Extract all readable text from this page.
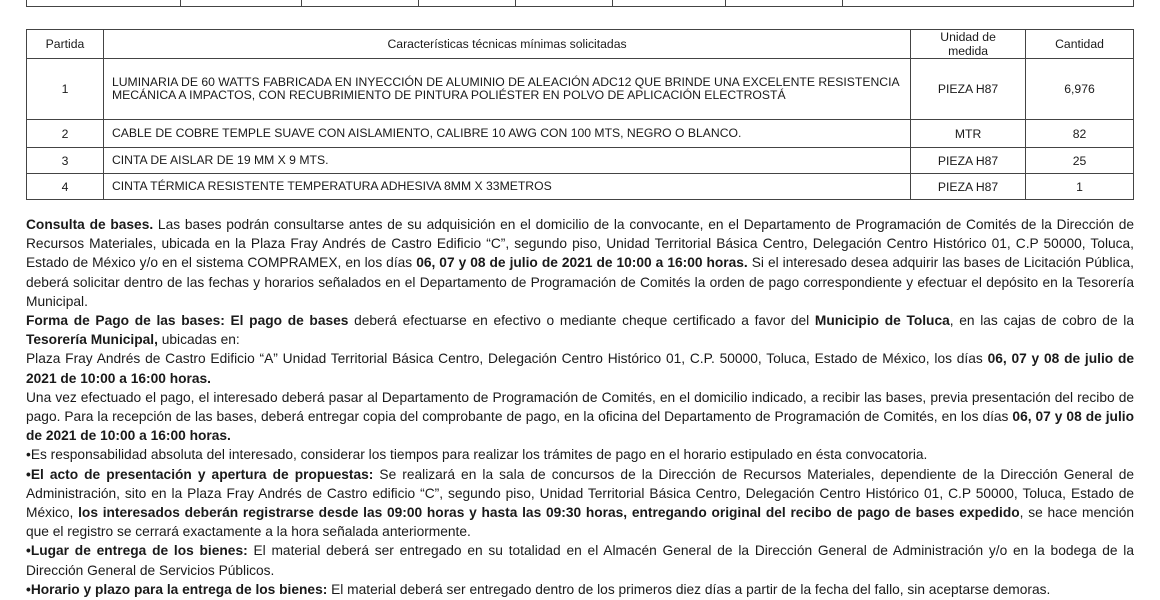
Partida	Características técnicas mínimas solicitadas	Unidad de medida	Cantidad
1	LUMINARIA DE 60 WATTS FABRICADA EN INYECCIÓN DE ALUMINIO DE ALEACIÓN ADC12 QUE BRINDE UNA EXCELENTE RESISTENCIA MECÁNICA A IMPACTOS, CON RECUBRIMIENTO DE PINTURA POLIÉSTER EN POLVO DE APLICACIÓN ELECTROSTÁ	PIEZA H87	6,976
2	CABLE DE COBRE TEMPLE SUAVE CON AISLAMIENTO, CALIBRE 10 AWG CON 100 MTS, NEGRO O BLANCO.	MTR	82
3	CINTA DE AISLAR DE 19 MM X 9 MTS.	PIEZA H87	25
4	CINTA TÉRMICA RESISTENTE TEMPERATURA ADHESIVA 8MM X 33METROS	PIEZA H87	1

Consulta de bases. Las bases podrán consultarse antes de su adquisición en el domicilio de la convocante, en el Departamento de Programación de Comités de la Dirección de Recursos Materiales, ubicada en la Plaza Fray Andrés de Castro Edificio “C”, segundo piso, Unidad Territorial Básica Centro, Delegación Centro Histórico 01, C.P 50000, Toluca, Estado de México y/o en el sistema COMPRAMEX, en los días 06, 07 y 08 de julio de 2021 de 10:00 a 16:00 horas. Si el interesado desea adquirir las bases de Licitación Pública, deberá solicitar dentro de las fechas y horarios señalados en el Departamento de Programación de Comités la orden de pago correspondiente y efectuar el depósito en la Tesorería Municipal.

Forma de Pago de las bases: El pago de bases deberá efectuarse en efectivo o mediante cheque certificado a favor del Municipio de Toluca, en las cajas de cobro de la Tesorería Municipal, ubicadas en:

Plaza Fray Andrés de Castro Edificio “A” Unidad Territorial Básica Centro, Delegación Centro Histórico 01, C.P. 50000, Toluca, Estado de México, los días 06, 07 y 08 de julio de 2021 de 10:00 a 16:00 horas.

Una vez efectuado el pago, el interesado deberá pasar al Departamento de Programación de Comités, en el domicilio indicado, a recibir las bases, previa presentación del recibo de pago. Para la recepción de las bases, deberá entregar copia del comprobante de pago, en la oficina del Departamento de Programación de Comités, en los días 06, 07 y 08 de julio de 2021 de 10:00 a 16:00 horas.

•Es responsabilidad absoluta del interesado, considerar los tiempos para realizar los trámites de pago en el horario estipulado en ésta convocatoria.

•El acto de presentación y apertura de propuestas: Se realizará en la sala de concursos de la Dirección de Recursos Materiales, dependiente de la Dirección General de Administración, sito en la Plaza Fray Andrés de Castro edificio “C”, segundo piso, Unidad Territorial Básica Centro, Delegación Centro Histórico 01, C.P 50000, Toluca, Estado de México, los interesados deberán registrarse desde las 09:00 horas y hasta las 09:30 horas, entregando original del recibo de pago de bases expedido, se hace mención que el registro se cerrará exactamente a la hora señalada anteriormente.

•Lugar de entrega de los bienes: El material deberá ser entregado en su totalidad en el Almacén General de la Dirección General de Administración y/o en la bodega de la Dirección General de Servicios Públicos.

•Horario y plazo para la entrega de los bienes: El material deberá ser entregado dentro de los primeros diez días a partir de la fecha del fallo, sin aceptarse demoras.
